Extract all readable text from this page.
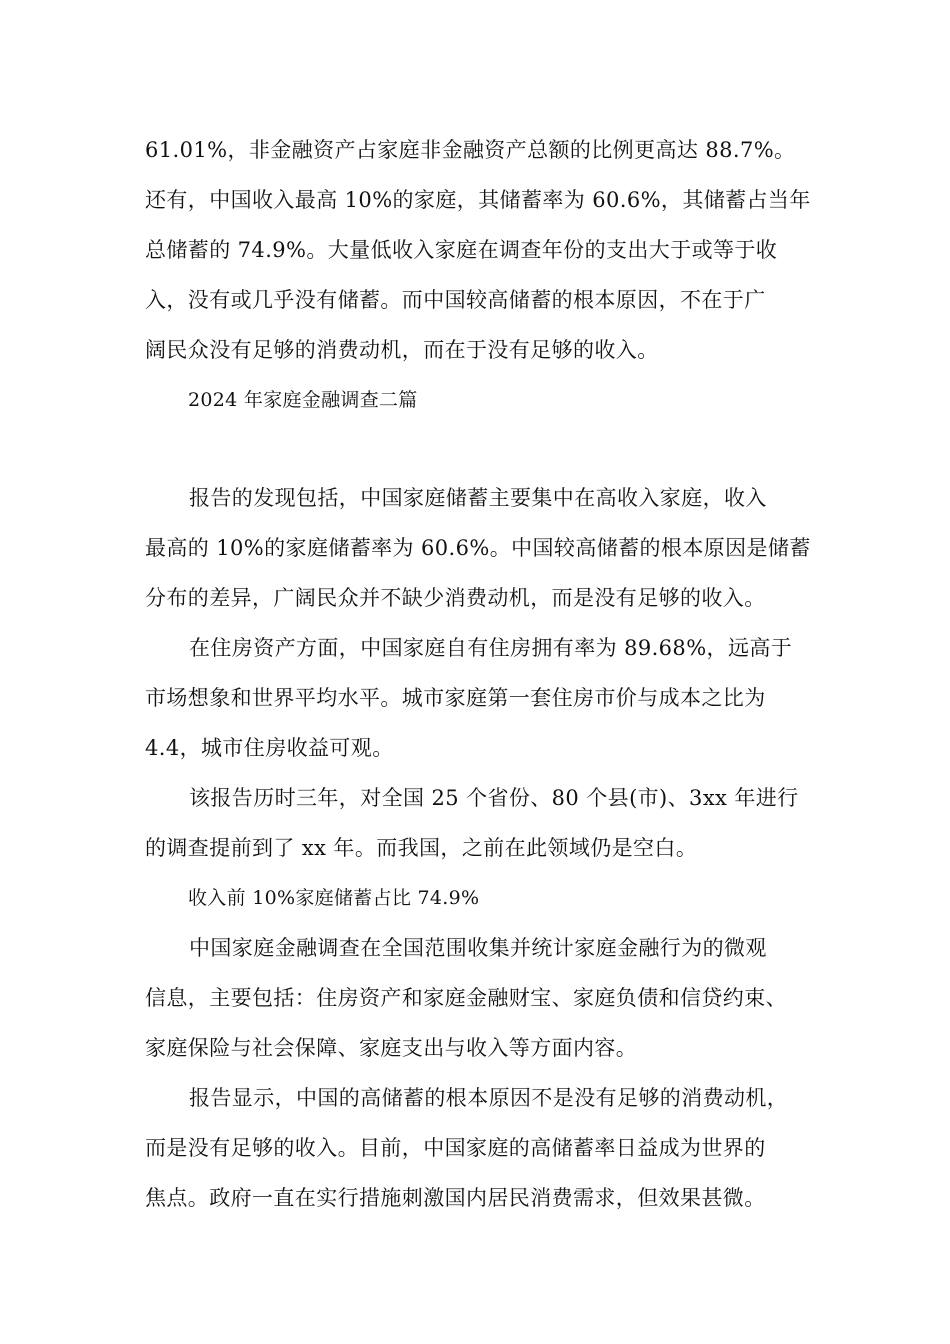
61.01%，非金融资产占家庭非金融资产总额的比例更高达 88.7%。
还有，中国收入最高 10%的家庭，其储蓄率为 60.6%，其储蓄占当年
总储蓄的 74.9%。大量低收入家庭在调查年份的支出大于或等于收
入，没有或几乎没有储蓄。而中国较高储蓄的根本原因，不在于广
阔民众没有足够的消费动机，而在于没有足够的收入。
2024 年家庭金融调查二篇
报告的发现包括，中国家庭储蓄主要集中在高收入家庭，收入
最高的 10%的家庭储蓄率为 60.6%。中国较高储蓄的根本原因是储蓄
分布的差异，广阔民众并不缺少消费动机，而是没有足够的收入。
在住房资产方面，中国家庭自有住房拥有率为 89.68%，远高于
市场想象和世界平均水平。城市家庭第一套住房市价与成本之比为
4.4，城市住房收益可观。
该报告历时三年，对全国 25 个省份、80 个县(市)、3xx 年进行
的调查提前到了 xx 年。而我国，之前在此领域仍是空白。
收入前 10%家庭储蓄占比 74.9%
中国家庭金融调查在全国范围收集并统计家庭金融行为的微观
信息，主要包括：住房资产和家庭金融财宝、家庭负债和信贷约束、
家庭保险与社会保障、家庭支出与收入等方面内容。
报告显示，中国的高储蓄的根本原因不是没有足够的消费动机，
而是没有足够的收入。目前，中国家庭的高储蓄率日益成为世界的
焦点。政府一直在实行措施刺激国内居民消费需求，但效果甚微。
